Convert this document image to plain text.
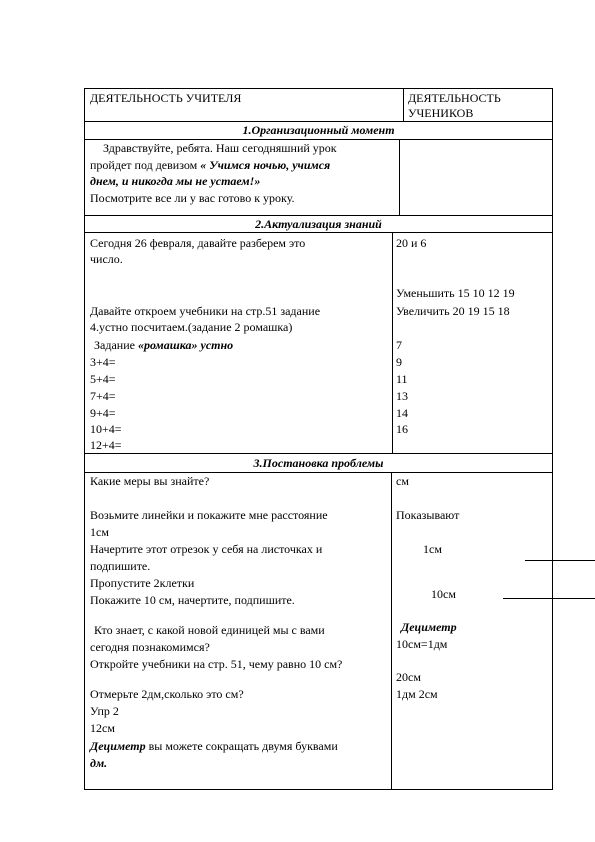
ДЕЯТЕЛЬНОСТЬ УЧИТЕЛЯ	ДЕЯТЕЛЬНОСТЬ
УЧЕНИКОВ
1.Организационный момент
Здравствуйте, ребята. Наш сегодняшний урок
пройдет под девизом « Учимся ночью, учимся
днем, и никогда мы не устаем!»
Посмотрите все ли у вас готово к уроку.
2.Актуализация знаний
Сегодня 26 февраля, давайте разберем это
число.
Давайте откроем учебники на стр.51 задание
4.устно посчитаем.(задание 2 ромашка)
Задание «ромашка» устно
3+4=
5+4=
7+4=
9+4=
10+4=
12+4=
20 и 6
Уменьшить 15 10 12 19
Увеличить 20 19 15 18
7
9
11
13
14
16
3.Постановка проблемы
Какие меры вы знайте?
Возьмите линейки и покажите мне расстояние
1см
Начертите этот отрезок у себя на листочках и
подпишите.
Пропустите 2клетки
Покажите 10 см, начертите, подпишите.
Кто знает, с какой новой единицей мы с вами
сегодня познакомимся?
Откройте учебники на стр. 51, чему равно 10 см?
Отмерьте 2дм,сколько это см?
Упр 2
12см
Дециметр вы можете сокращать двумя буквами
дм.
см
Показывают
1см
10см
Дециметр
10см=1дм
20см
1дм 2см
